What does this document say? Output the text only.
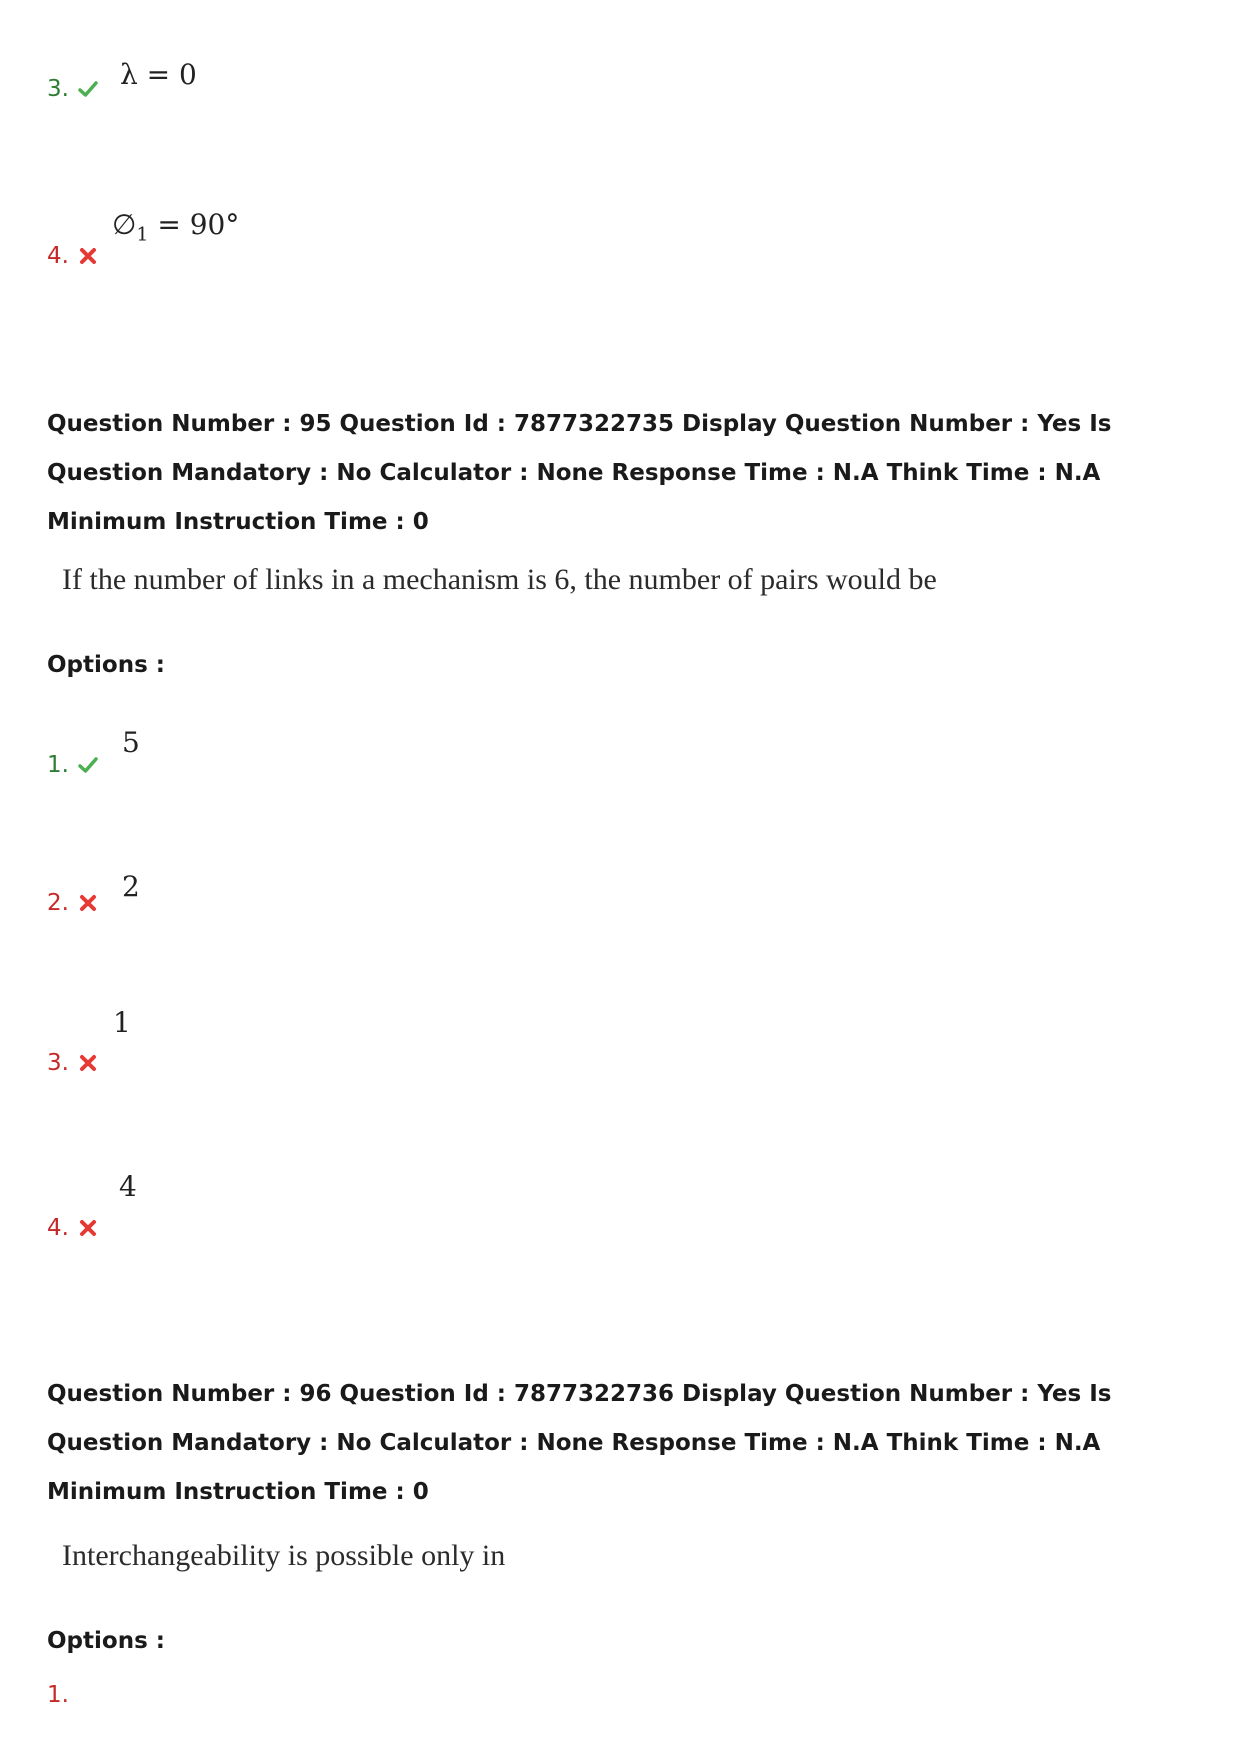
3. λ = 0
4.
$\emptyset_1 = 90^\circ$
Question Number : 95 Question Id : 7877322735 Display Question Number : Yes Is Question Mandatory : No Calculator : None Response Time : N.A Think Time : N.A Minimum Instruction Time : 0
If the number of links in a mechanism is 6, the number of pairs would be
Options :
1.
5
2. 2
3.
1
4.
4
Question Number : 96 Question Id : 7877322736 Display Question Number : Yes Is Question Mandatory : No Calculator : None Response Time : N.A Think Time : N.A Minimum Instruction Time : 0
Interchangeability is possible only in
Options :
1.
